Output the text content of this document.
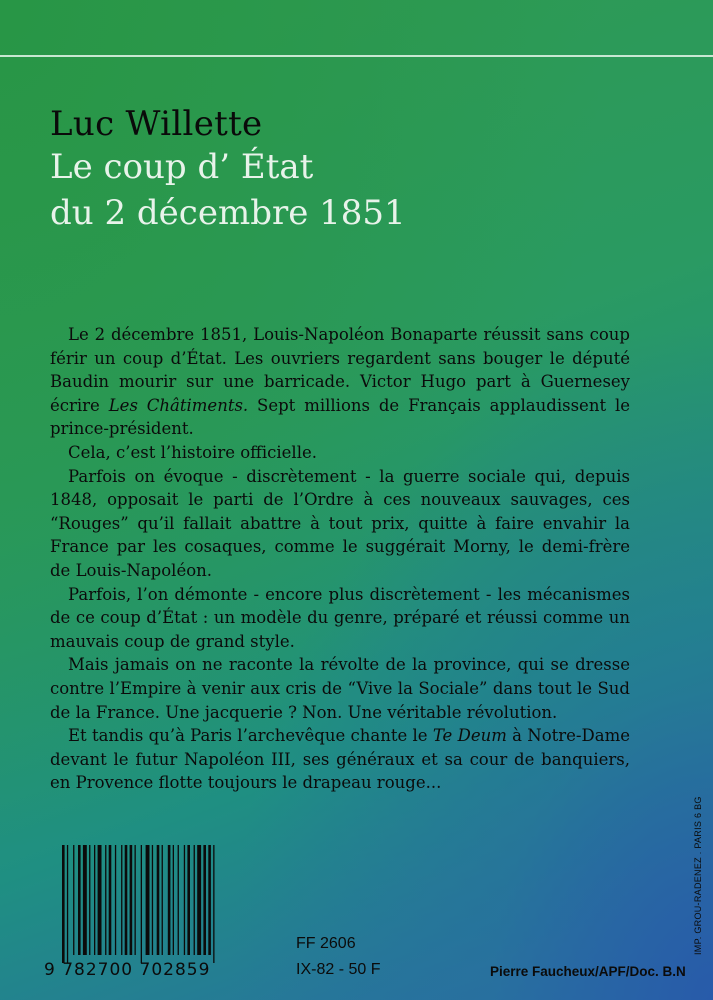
Luc Willette
Le coup d’ État
du 2 décembre 1851

Le 2 décembre 1851, Louis-Napoléon Bonaparte réussit sans coup férir un coup d’État. Les ouvriers regardent sans bouger le député Baudin mourir sur une barricade. Victor Hugo part à Guernesey écrire Les Châtiments. Sept millions de Français applaudissent le prince-président.

Cela, c’est l’histoire officielle.

Parfois on évoque - discrètement - la guerre sociale qui, depuis 1848, opposait le parti de l’Ordre à ces nouveaux sauvages, ces “Rouges” qu’il fallait abattre à tout prix, quitte à faire envahir la France par les cosaques, comme le suggérait Morny, le demi-frère de Louis-Napoléon.

Parfois, l’on démonte - encore plus discrètement - les mécanismes de ce coup d’État : un modèle du genre, préparé et réussi comme un mauvais coup de grand style.

Mais jamais on ne raconte la révolte de la province, qui se dresse contre l’Empire à venir aux cris de “Vive la Sociale” dans tout le Sud de la France. Une jacquerie ? Non. Une véritable révolution.

Et tandis qu’à Paris l’archevêque chante le Te Deum à Notre-Dame devant le futur Napoléon III, ses généraux et sa cour de banquiers, en Provence flotte toujours le drapeau rouge...

9 782700 702859
FF 2606
IX-82 - 50 F	Pierre Faucheux/APF/Doc. B.N
IMP. GROU-RADENEZ . PARIS 6 BG
